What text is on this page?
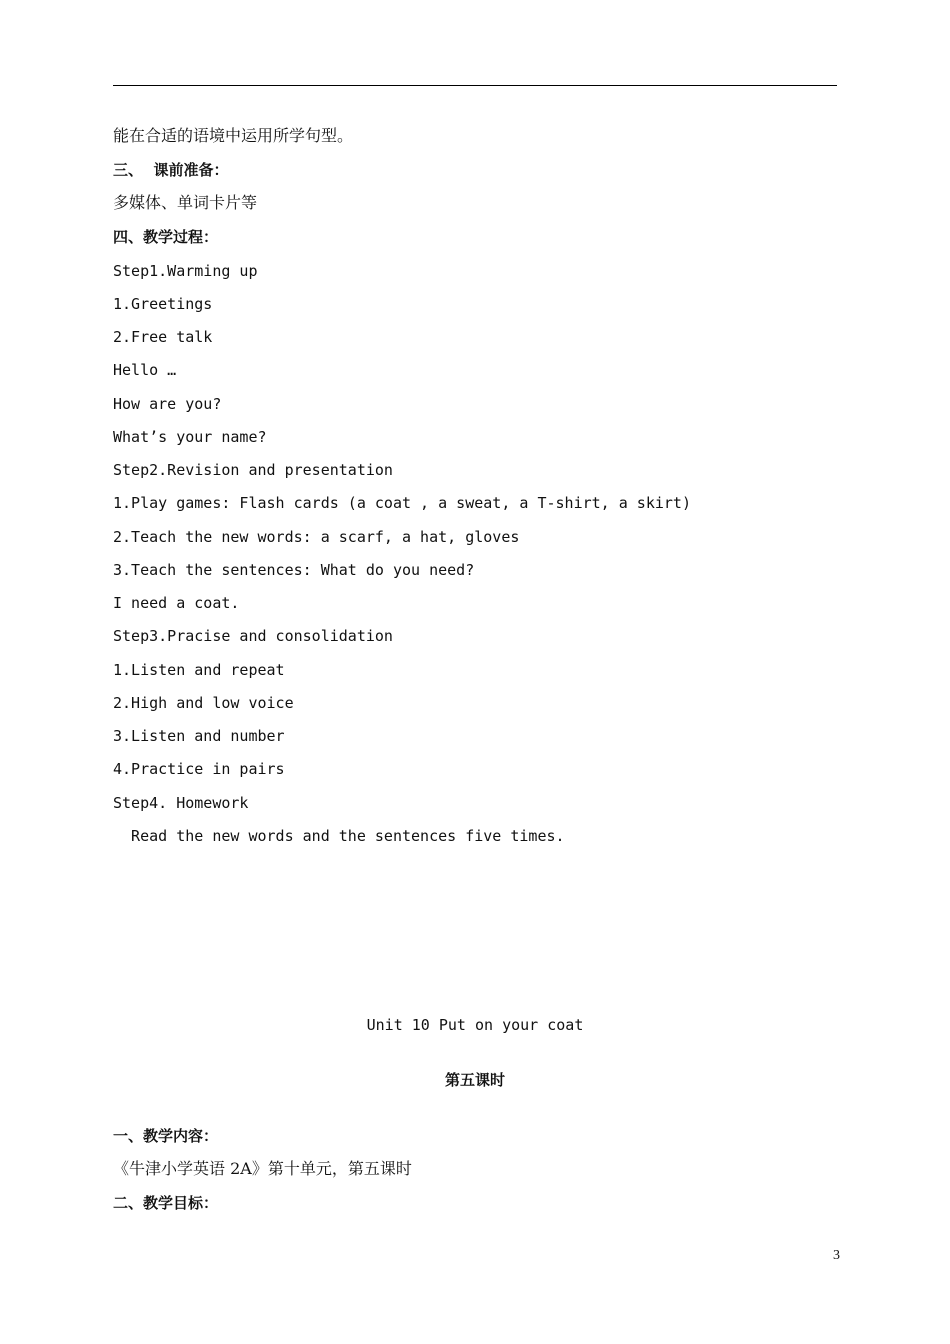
能在合适的语境中运用所学句型。
三、  课前准备：
多媒体、单词卡片等
四、教学过程：
Step1.Warming up
1.Greetings
2.Free talk
Hello …
How are you?
What’s your name?
Step2.Revision and presentation
1.Play games: Flash cards (a coat , a sweat, a T-shirt, a skirt)
2.Teach the new words: a scarf, a hat, gloves
3.Teach the sentences: What do you need?
I need a coat.
Step3.Pracise and consolidation
1.Listen and repeat
2.High and low voice
3.Listen and number
4.Practice in pairs
Step4. Homework
Read the new words and the sentences five times.
Unit 10 Put on your coat
第五课时
一、教学内容：
《牛津小学英语 2A》第十单元，第五课时
二、教学目标：
3
